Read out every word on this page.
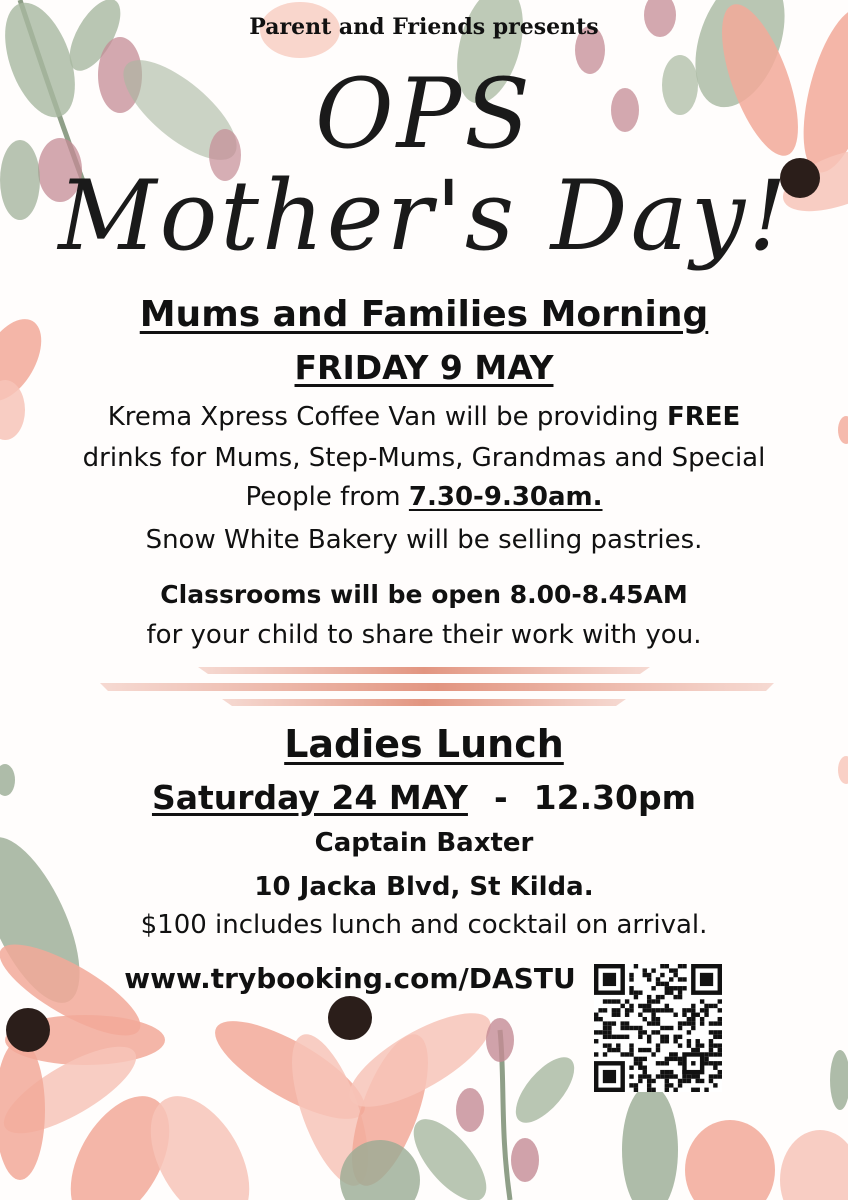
Parent and Friends presents

OPS

Mother's Day!

Mums and Families Morning

FRIDAY 9 MAY

Krema Xpress Coffee Van will be providing FREE

drinks for Mums, Step-Mums, Grandmas and Special

People from 7.30-9.30am.

Snow White Bakery will be selling pastries.

Classrooms will be open 8.00-8.45AM

for your child to share their work with you.

Ladies Lunch

Saturday 24 MAY - 12.30pm

Captain Baxter

10 Jacka Blvd, St Kilda.

$100 includes lunch and cocktail on arrival.

www.trybooking.com/DASTU
